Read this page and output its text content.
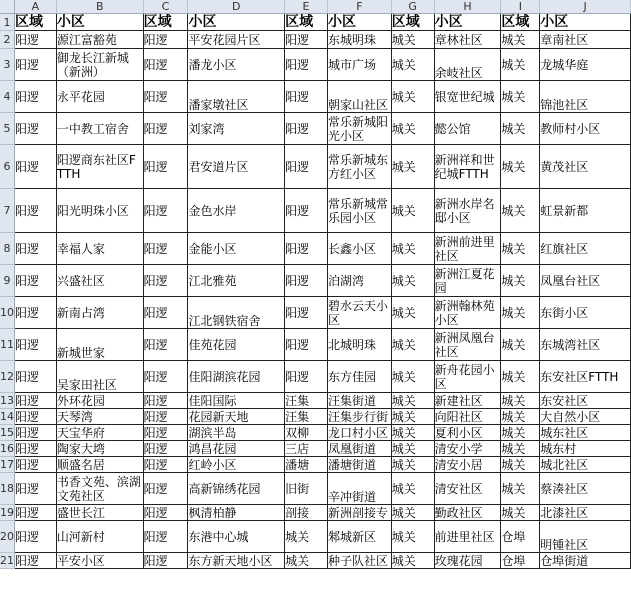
	A	B	C	D	E	F	G	H	I	J
1	区域	小区	区域	小区	区域	小区	区域	小区	区域	小区
2	阳逻	源江富豁苑	阳逻	平安花园片区	阳逻	东城明珠	城关	章林社区	城关	章南社区
3	阳逻	御龙长江新城（新洲）	阳逻	潘龙小区	阳逻	城市广场	城关	余岐社区	城关	龙城华庭
4	阳逻	永平花园	阳逻	潘家墩社区	阳逻	朝家山社区	城关	银宽世纪城	城关	锦池社区
5	阳逻	一中教工宿舍	阳逻	刘家湾	阳逻	常乐新城阳光小区	城关	懿公馆	城关	教师村小区
6	阳逻	阳逻商东社区FTTH	阳逻	君安道片区	阳逻	常乐新城东方红小区	城关	新洲祥和世纪城FTTH	城关	黄茂社区
7	阳逻	阳光明珠小区	阳逻	金色水岸	阳逻	常乐新城常乐园小区	城关	新洲水岸名邸小区	城关	虹景新都
8	阳逻	幸福人家	阳逻	金能小区	阳逻	长鑫小区	城关	新洲前进里社区	城关	红旗社区
9	阳逻	兴盛社区	阳逻	江北雅苑	阳逻	泊湖湾	城关	新洲江夏花园	城关	凤凰台社区
10	阳逻	新南占湾	阳逻	江北钢铁宿舍	阳逻	碧水云天小区	城关	新洲翰林苑小区	城关	东街小区
11	阳逻	新城世家	阳逻	佳苑花园	阳逻	北城明珠	城关	新洲凤凰台社区	城关	东城湾社区
12	阳逻	吴家田社区	阳逻	佳阳湖滨花园	阳逻	东方佳园	城关	新舟花园小区	城关	东安社区FTTH
13	阳逻	外环花园	阳逻	佳阳国际	汪集	汪集街道	城关	新建社区	城关	东安社区
14	阳逻	天琴湾	阳逻	花园新天地	汪集	汪集步行街	城关	向阳社区	城关	大自然小区
15	阳逻	天宝华府	阳逻	湖滨半岛	双柳	龙口村小区	城关	夏利小区	城关	城东社区
16	阳逻	陶家大塆	阳逻	鸿昌花园	三店	凤凰街道	城关	清安小学	城关	城东村
17	阳逻	顺盛名居	阳逻	红岭小区	潘塘	潘塘街道	城关	清安小居	城关	城北社区
18	阳逻	书香文苑、滨湖文苑社区	阳逻	高新锦绣花园	旧街	辛冲街道	城关	清安社区	城关	蔡湊社区
19	阳逻	盛世长江	阳逻	枫清柏静	剖接	新洲剖接专	城关	勤政社区	城关	北漆社区
20	阳逻	山河新村	阳逻	东港中心城	城关	邾城新区	城关	前进里社区	仓埠	明锺社区
21	阳逻	平安小区	阳逻	东方新天地小区	城关	种子队社区	城关	玫瑰花园	仓埠	仓埠街道
